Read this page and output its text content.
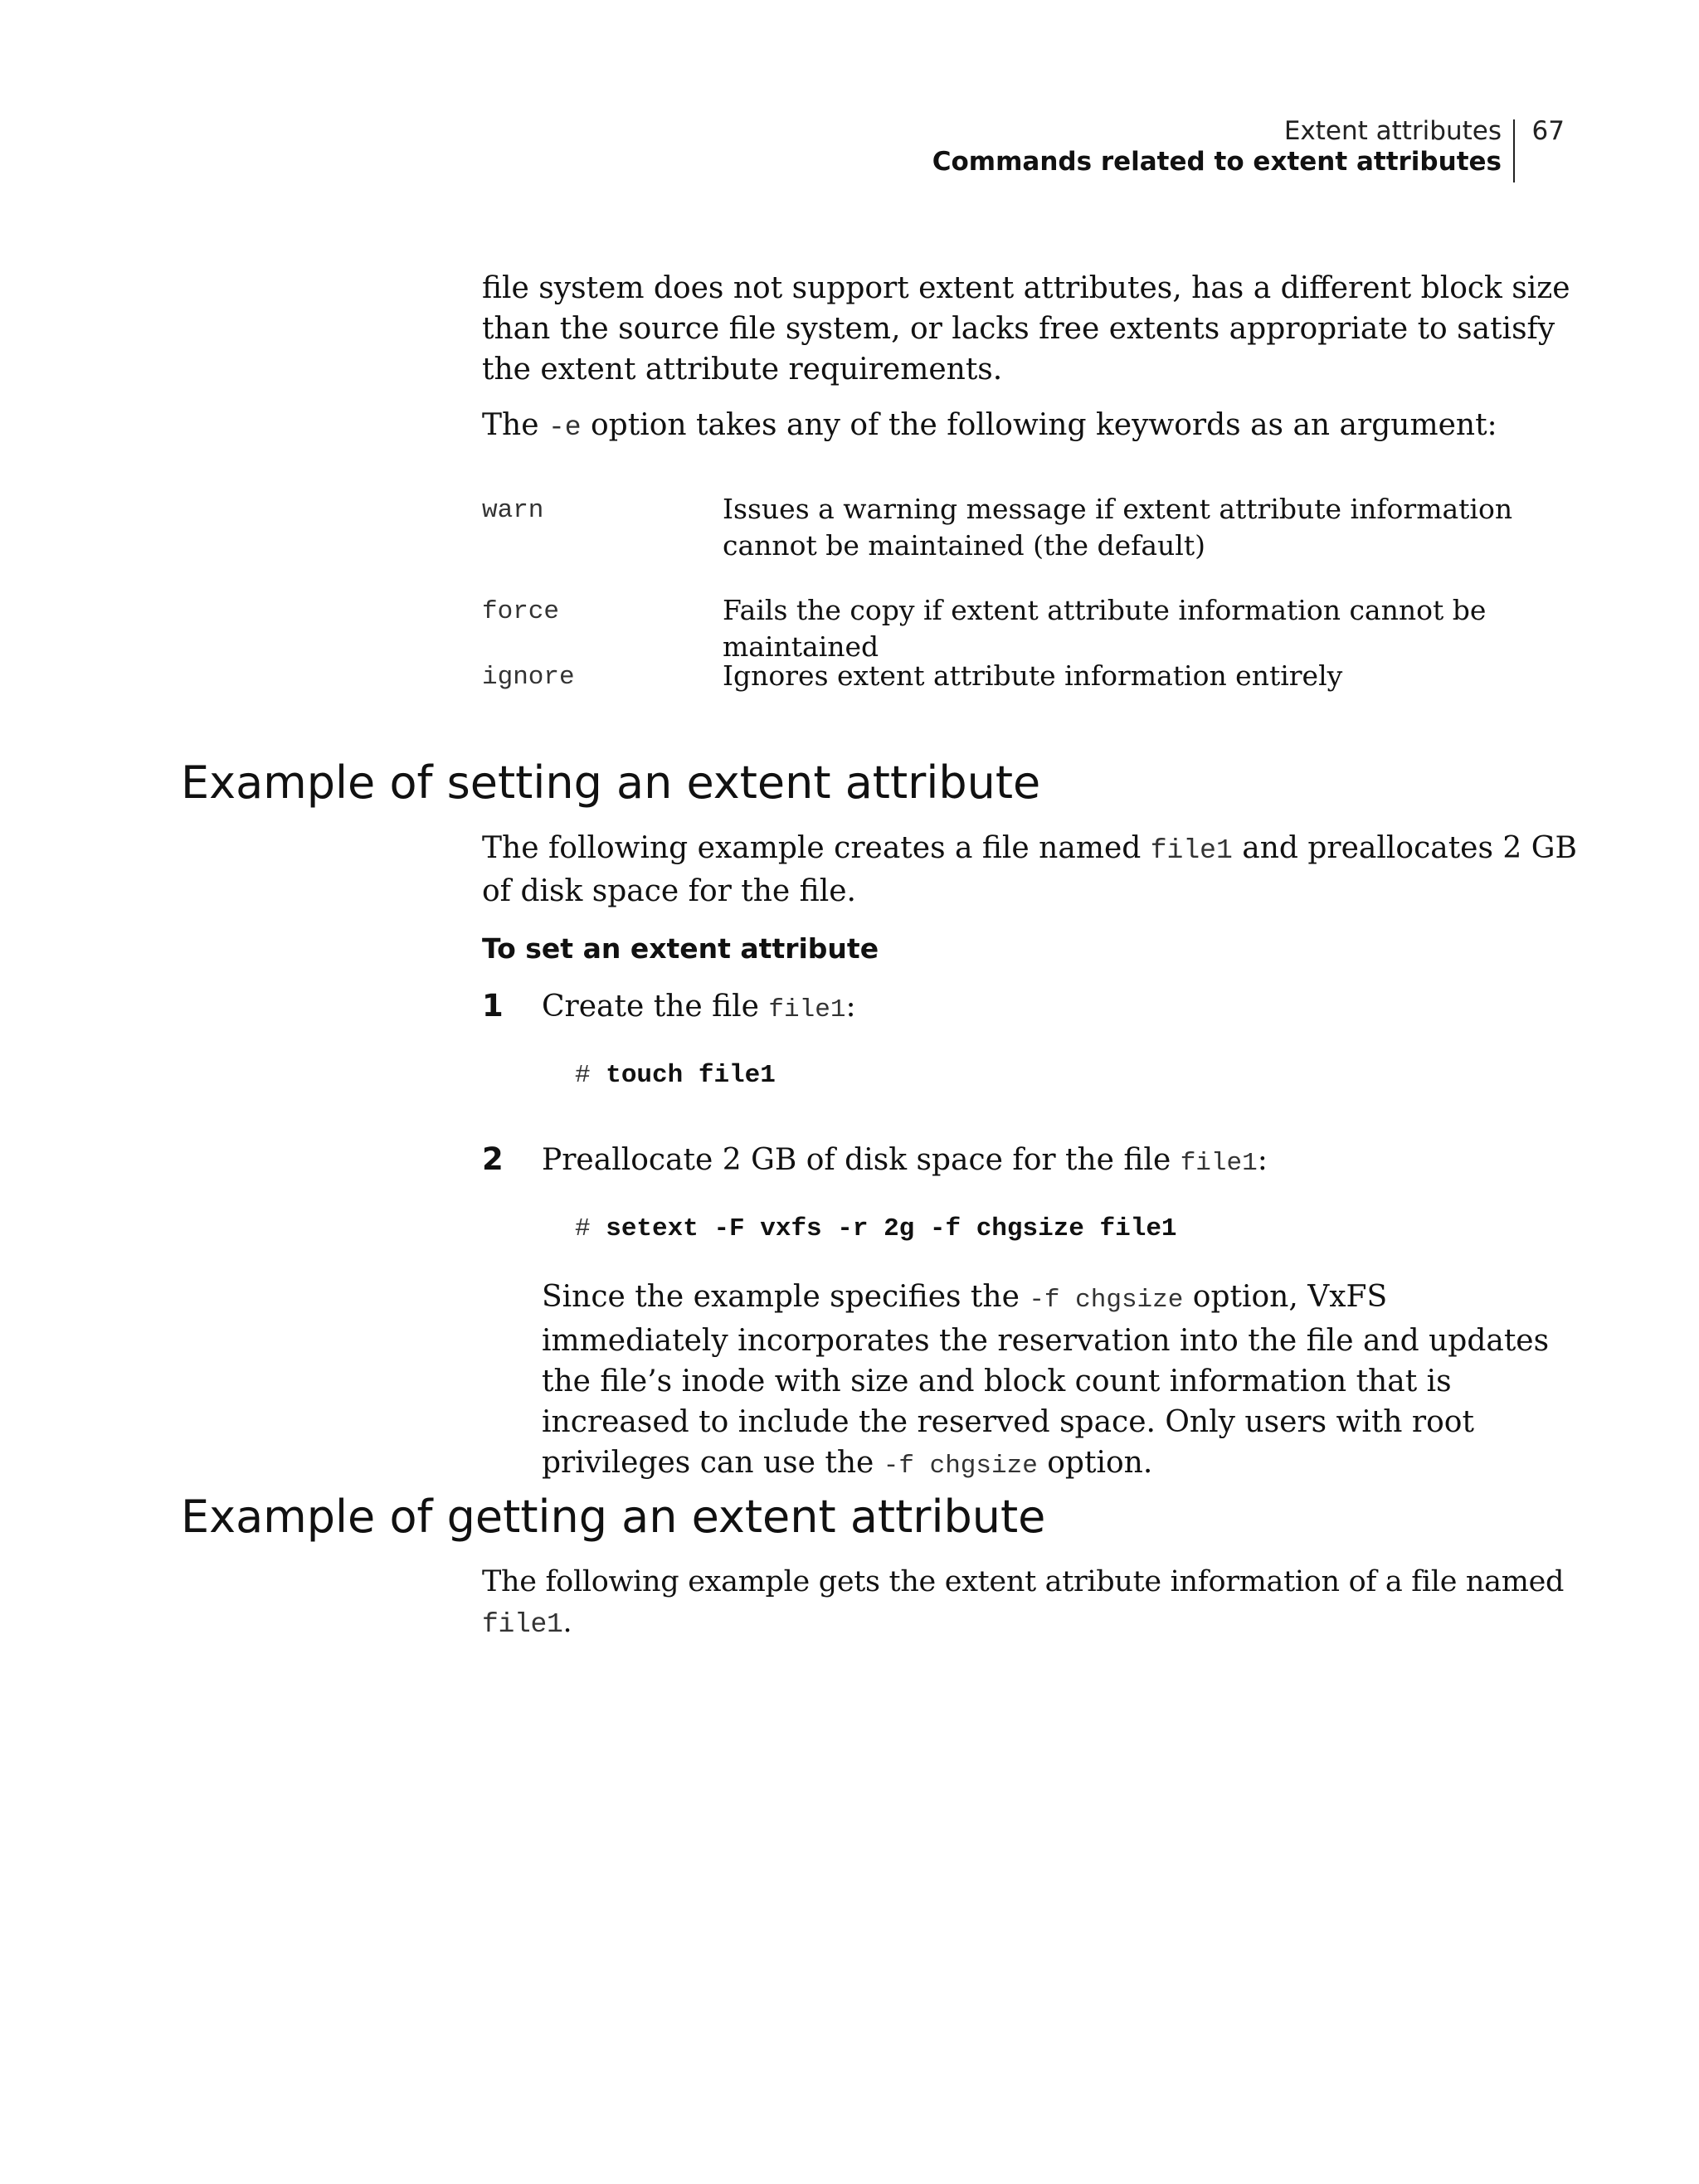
Extent attributes
Commands related to extent attributes
67

file system does not support extent attributes, has a different block size than the source file system, or lacks free extents appropriate to satisfy the extent attribute requirements.

The -e option takes any of the following keywords as an argument:

warn	Issues a warning message if extent attribute information cannot be maintained (the default)
force	Fails the copy if extent attribute information cannot be maintained
ignore	Ignores extent attribute information entirely
Example of setting an extent attribute

The following example creates a file named file1 and preallocates 2 GB of disk space for the file.

To set an extent attribute
1 Create the file file1:
# touch file1
2 Preallocate 2 GB of disk space for the file file1:
# setext -F vxfs -r 2g -f chgsize file1
Since the example specifies the -f chgsize option, VxFS immediately incorporates the reservation into the file and updates the file’s inode with size and block count information that is increased to include the reserved space. Only users with root privileges can use the -f chgsize option.
Example of getting an extent attribute

The following example gets the extent atribute information of a file named file1.
